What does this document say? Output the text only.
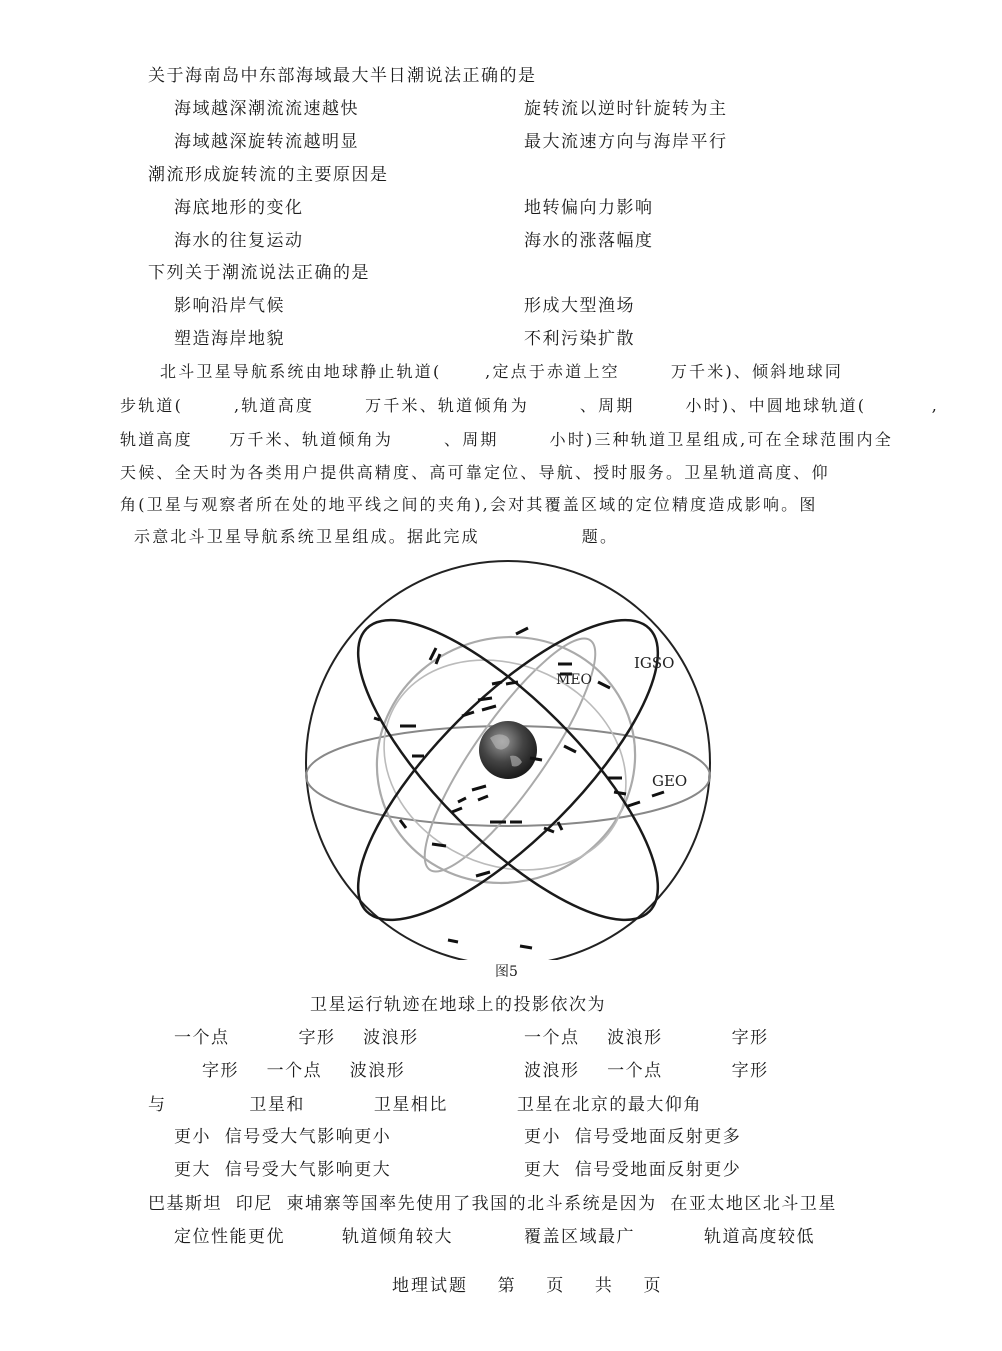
关于海南岛中东部海域最大半日潮说法正确的是
海域越深潮流流速越快	旋转流以逆时针旋转为主
海域越深旋转流越明显	最大流速方向与海岸平行
潮流形成旋转流的主要原因是
海底地形的变化	地转偏向力影响
海水的往复运动	海水的涨落幅度
下列关于潮流说法正确的是
影响沿岸气候	形成大型渔场
塑造海岸地貌	不利污染扩散
北斗卫星导航系统由地球静止轨道(      ,定点于赤道上空       万千米)、倾斜地球同
步轨道(       ,轨道高度       万千米、轨道倾角为       、周期       小时)、中圆地球轨道(         ,
轨道高度     万千米、轨道倾角为       、周期       小时)三种轨道卫星组成,可在全球范围内全
天候、全天时为各类用户提供高精度、高可靠定位、导航、授时服务。卫星轨道高度、仰
角(卫星与观察者所在处的地平线之间的夹角),会对其覆盖区域的定位精度造成影响。图
示意北斗卫星导航系统卫星组成。据此完成              题。
IGSO
MEO
GEO
图5
卫星运行轨迹在地球上的投影依次为
一个点          字形    波浪形	一个点    波浪形          字形
字形    一个点    波浪形	波浪形    一个点          字形
与            卫星和          卫星相比          卫星在北京的最大仰角
更小  信号受大气影响更小	更小  信号受地面反射更多
更大  信号受大气影响更大	更大  信号受地面反射更少
巴基斯坦  印尼  柬埔寨等国率先使用了我国的北斗系统是因为  在亚太地区北斗卫星
定位性能更优	轨道倾角较大	覆盖区域最广	轨道高度较低
地理试题    第    页    共    页
